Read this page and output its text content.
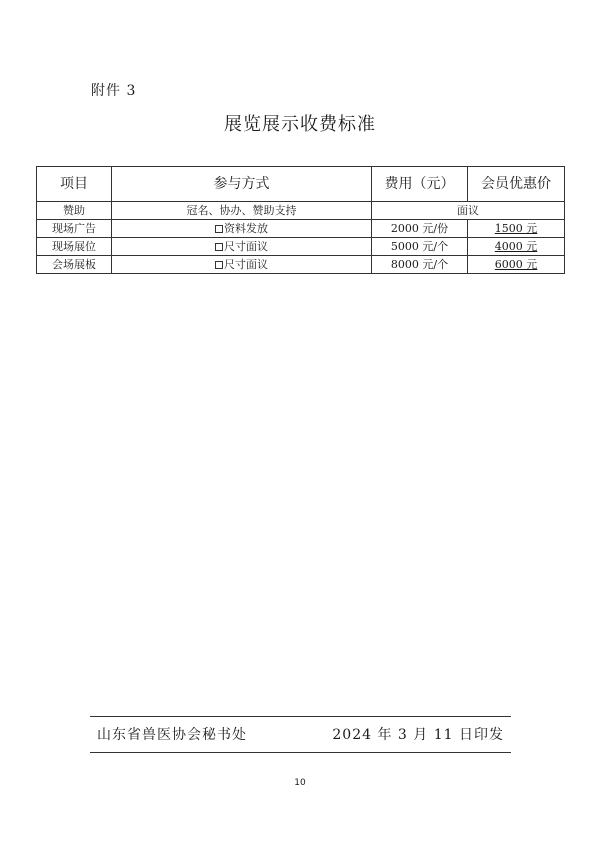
附件 3
展览展示收费标准
项目	参与方式	费用（元）	会员优惠价
赞助	冠名、协办、赞助支持	面议	
现场广告	资料发放	2000 元/份	1500 元
现场展位	尺寸面议	5000 元/个	4000 元
会场展板	尺寸面议	8000 元/个	6000 元
山东省兽医协会秘书处	2024 年 3 月 11 日印发
10
